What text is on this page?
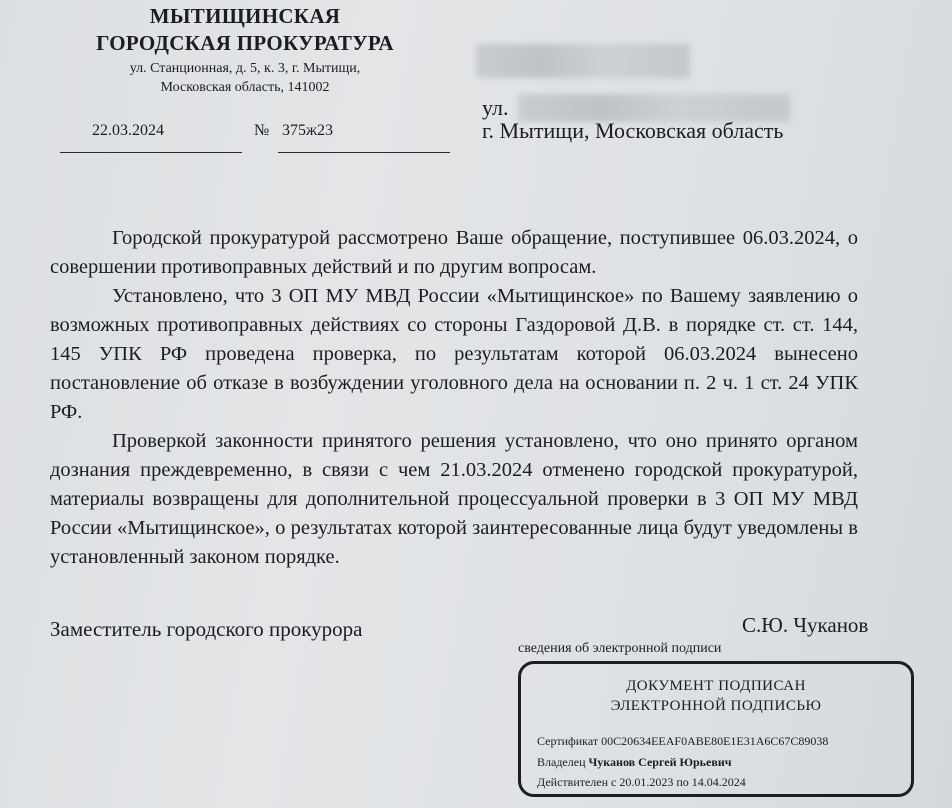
МЫТИЩИНСКАЯ
ГОРОДСКАЯ ПРОКУРАТУРА
ул. Станционная, д. 5, к. 3, г. Мытищи,
Московская область, 141002
22.03.2024	№ 375ж23
ул.
г. Мытищи, Московская область

Городской прокуратурой рассмотрено Ваше обращение, поступившее 06.03.2024, о совершении противоправных действий и по другим вопросам.

Установлено, что 3 ОП МУ МВД России «Мытищинское» по Вашему заявлению о возможных противоправных действиях со стороны Газдоровой Д.В. в порядке ст. ст. 144, 145 УПК РФ проведена проверка, по результатам которой 06.03.2024 вынесено постановление об отказе в возбуждении уголовного дела на основании п. 2 ч. 1 ст. 24 УПК РФ.

Проверкой законности принятого решения установлено, что оно принято органом дознания преждевременно, в связи с чем 21.03.2024 отменено городской прокуратурой, материалы возвращены для дополнительной процессуальной проверки в 3 ОП МУ МВД России «Мытищинское», о результатах которой заинтересованные лица будут уведомлены в установленный законом порядке.

Заместитель городского прокурора	С.Ю. Чуканов
сведения об электронной подписи
ДОКУМЕНТ ПОДПИСАН
ЭЛЕКТРОННОЙ ПОДПИСЬЮ
Сертификат 00C20634EEAF0ABE80E1E31A6C67C89038
Владелец Чуканов Сергей Юрьевич
Действителен с 20.01.2023 по 14.04.2024
